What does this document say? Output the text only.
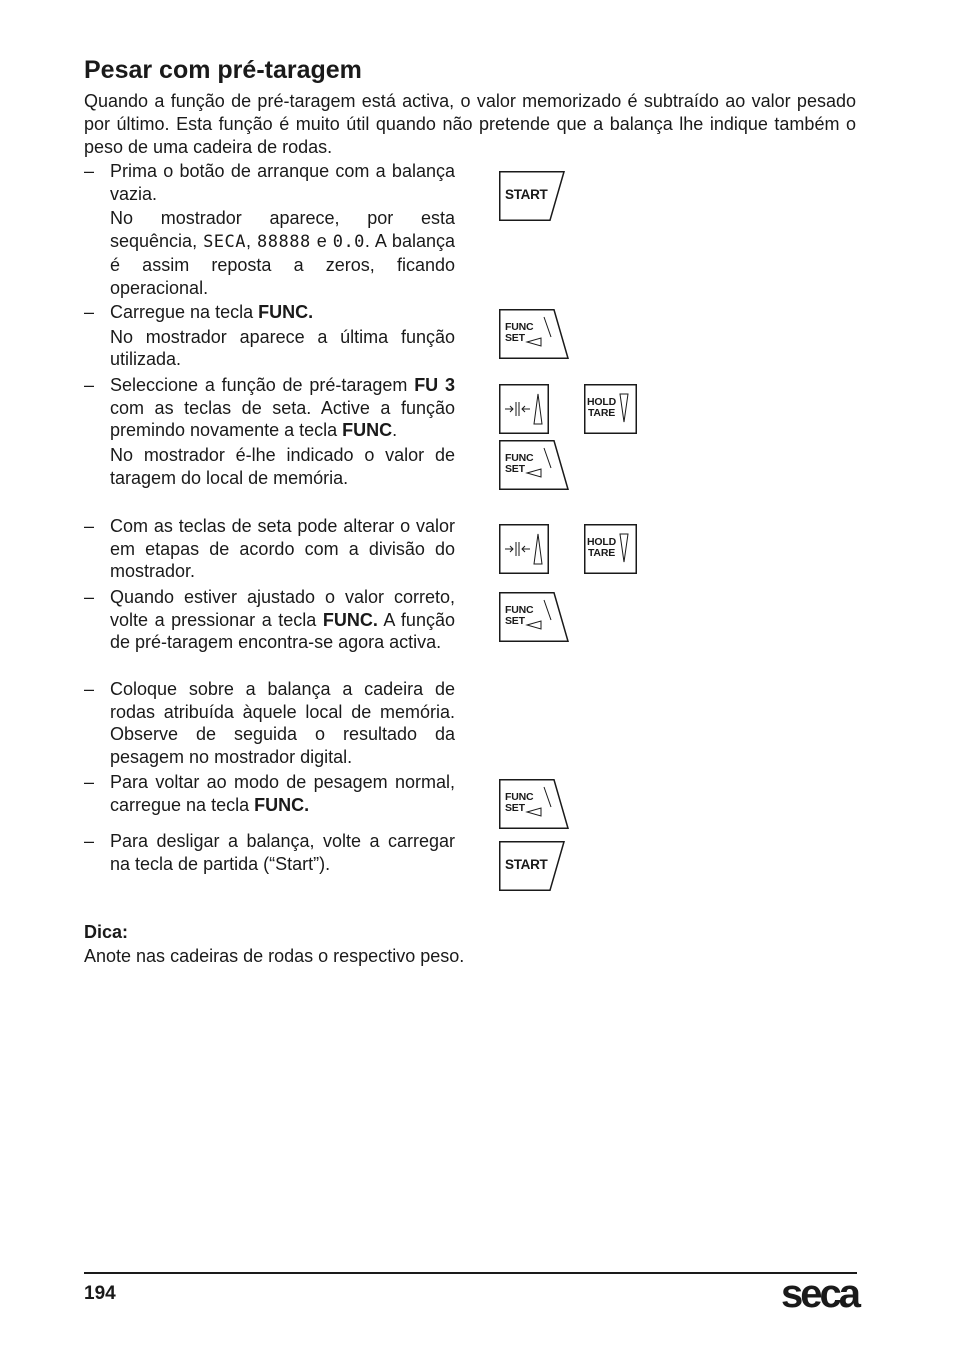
Pesar com pré-taragem

Quando a função de pré-taragem está activa, o valor memorizado é subtraído ao valor pesado por último. Esta função é muito útil quando não pretende que a balança lhe indique também o peso de uma cadeira de rodas.

– Prima o botão de arranque com a balança vazia.

No mostrador aparece, por esta sequência, SECA, 88888 e 0.0. A balança é assim reposta a zeros, ficando operacional.

– Carregue na tecla FUNC.

No mostrador aparece a última função utilizada.

– Seleccione a função de pré-taragem FU 3 com as teclas de seta. Active a função premindo novamente a tecla FUNC.

No mostrador é-lhe indicado o valor de taragem do local de memória.

– Com as teclas de seta pode alterar o valor em etapas de acordo com a divisão do mostrador.

– Quando estiver ajustado o valor correto, volte a pressionar a tecla FUNC. A função de pré-taragem encontra-se agora activa.

– Coloque sobre a balança a cadeira de rodas atribuída àquele local de memória. Observe de seguida o resultado da pesagem no mostrador digital.

– Para voltar ao modo de pesagem normal, carregue na tecla FUNC.

– Para desligar a balança, volte a carregar na tecla de partida (“Start”).

START
FUNC
SET
HOLD
TARE
FUNC
SET
HOLD
TARE
FUNC
SET
FUNC
SET
START

Dica:

Anote nas cadeiras de rodas o respectivo peso.

194	seca
